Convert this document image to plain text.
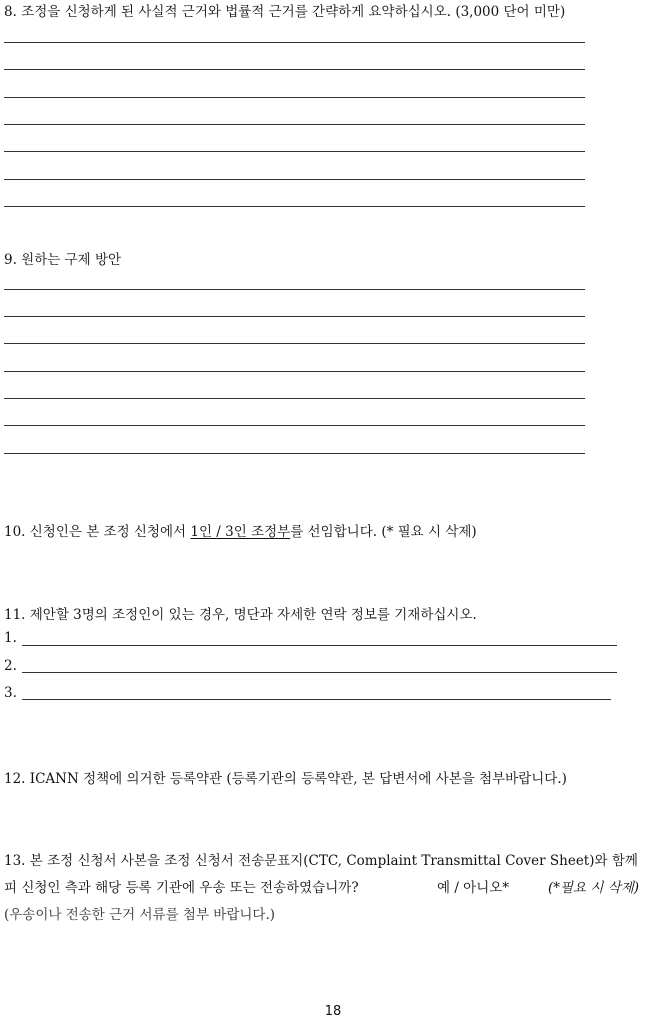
8. 조정을 신청하게 된 사실적 근거와 법률적 근거를 간략하게 요약하십시오. (3,000 단어 미만)
9. 원하는 구제 방안
10. 신청인은 본 조정 신청에서 1인 / 3인 조정부를 선임합니다. (* 필요 시 삭제)
11. 제안할 3명의 조정인이 있는 경우, 명단과 자세한 연락 정보를 기재하십시오.
1.
2.
3.
12. ICANN 정책에 의거한 등록약관 (등록기관의 등록약관, 본 답변서에 사본을 첨부바랍니다.)
13. 본 조정 신청서 사본을 조정 신청서 전송문표지(CTC, Complaint Transmittal Cover Sheet)와 함께
피 신청인 측과 해당 등록 기관에 우송 또는 전송하였습니까?	예 / 아니오*	(*필요 시 삭제)
(우송이나 전송한 근거 서류를 첨부 바랍니다.)
18
